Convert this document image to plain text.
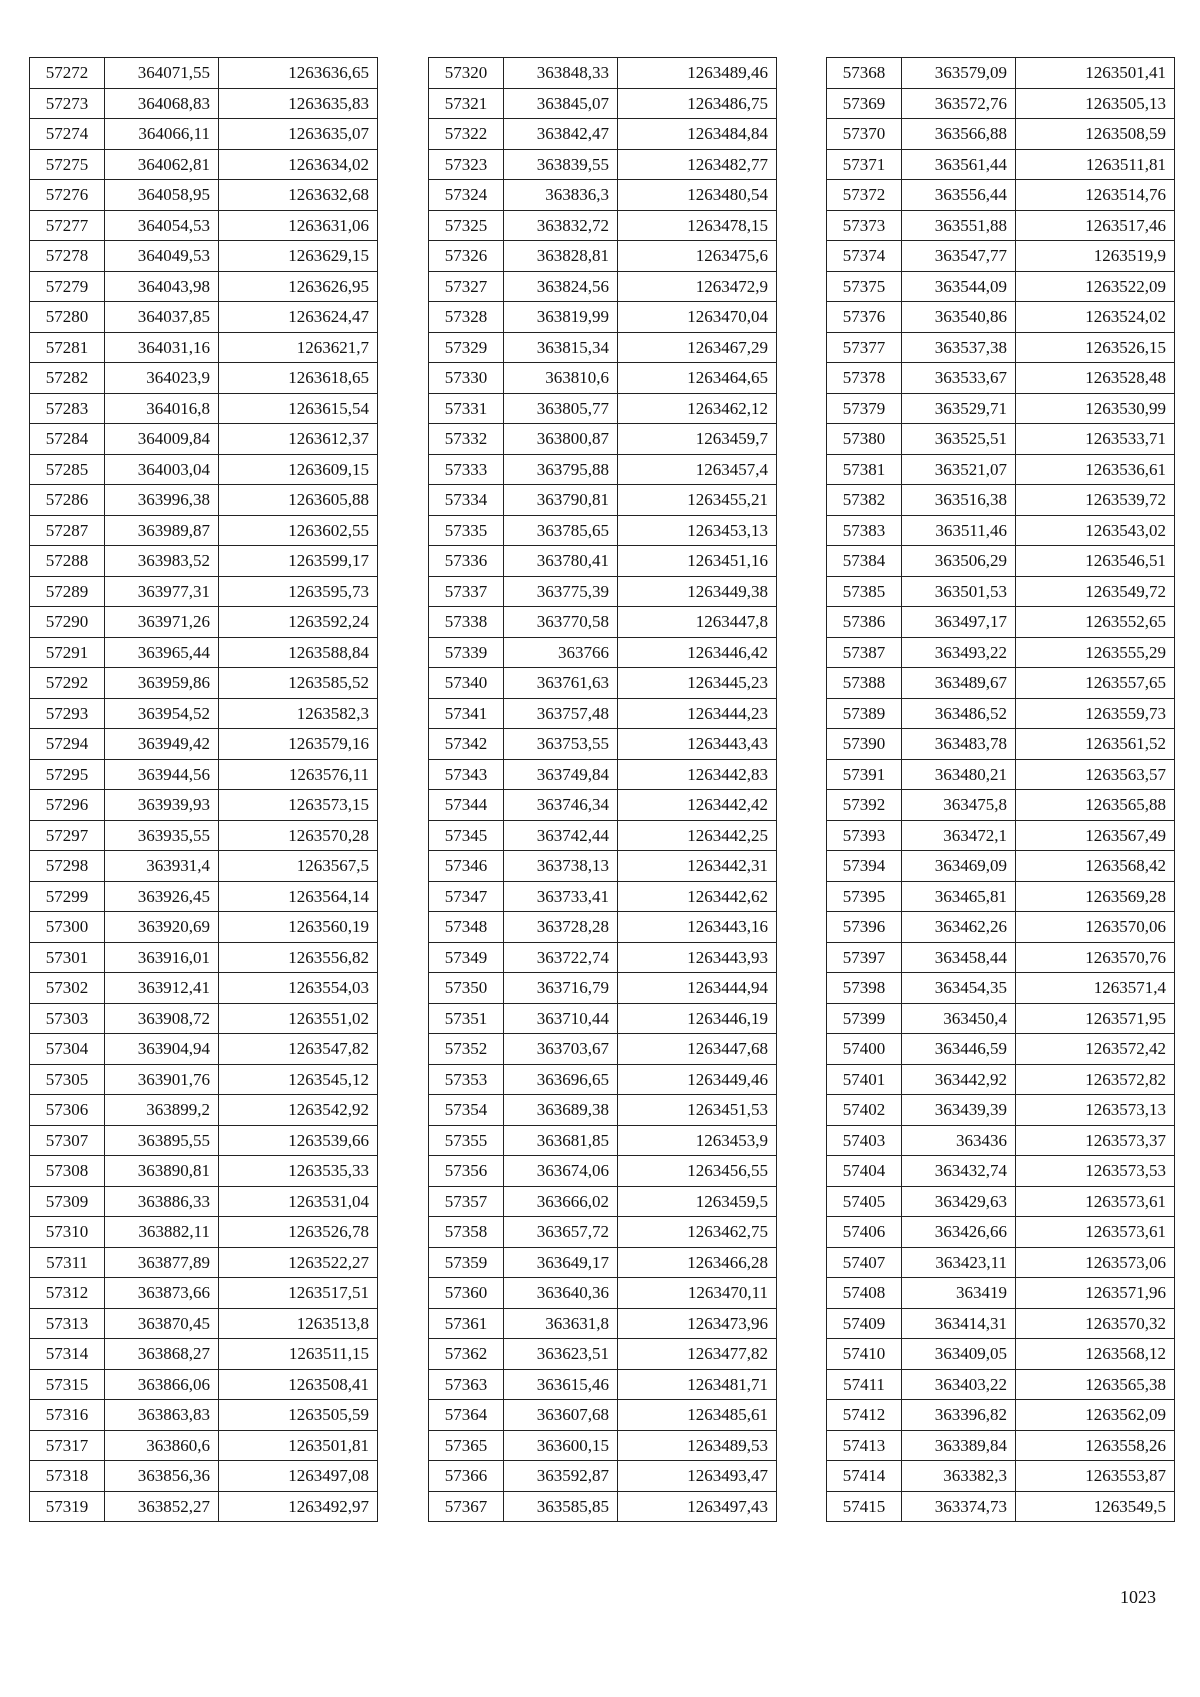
57272	364071,55	1263636,65
57273	364068,83	1263635,83
57274	364066,11	1263635,07
57275	364062,81	1263634,02
57276	364058,95	1263632,68
57277	364054,53	1263631,06
57278	364049,53	1263629,15
57279	364043,98	1263626,95
57280	364037,85	1263624,47
57281	364031,16	1263621,7
57282	364023,9	1263618,65
57283	364016,8	1263615,54
57284	364009,84	1263612,37
57285	364003,04	1263609,15
57286	363996,38	1263605,88
57287	363989,87	1263602,55
57288	363983,52	1263599,17
57289	363977,31	1263595,73
57290	363971,26	1263592,24
57291	363965,44	1263588,84
57292	363959,86	1263585,52
57293	363954,52	1263582,3
57294	363949,42	1263579,16
57295	363944,56	1263576,11
57296	363939,93	1263573,15
57297	363935,55	1263570,28
57298	363931,4	1263567,5
57299	363926,45	1263564,14
57300	363920,69	1263560,19
57301	363916,01	1263556,82
57302	363912,41	1263554,03
57303	363908,72	1263551,02
57304	363904,94	1263547,82
57305	363901,76	1263545,12
57306	363899,2	1263542,92
57307	363895,55	1263539,66
57308	363890,81	1263535,33
57309	363886,33	1263531,04
57310	363882,11	1263526,78
57311	363877,89	1263522,27
57312	363873,66	1263517,51
57313	363870,45	1263513,8
57314	363868,27	1263511,15
57315	363866,06	1263508,41
57316	363863,83	1263505,59
57317	363860,6	1263501,81
57318	363856,36	1263497,08
57319	363852,27	1263492,97
57320	363848,33	1263489,46
57321	363845,07	1263486,75
57322	363842,47	1263484,84
57323	363839,55	1263482,77
57324	363836,3	1263480,54
57325	363832,72	1263478,15
57326	363828,81	1263475,6
57327	363824,56	1263472,9
57328	363819,99	1263470,04
57329	363815,34	1263467,29
57330	363810,6	1263464,65
57331	363805,77	1263462,12
57332	363800,87	1263459,7
57333	363795,88	1263457,4
57334	363790,81	1263455,21
57335	363785,65	1263453,13
57336	363780,41	1263451,16
57337	363775,39	1263449,38
57338	363770,58	1263447,8
57339	363766	1263446,42
57340	363761,63	1263445,23
57341	363757,48	1263444,23
57342	363753,55	1263443,43
57343	363749,84	1263442,83
57344	363746,34	1263442,42
57345	363742,44	1263442,25
57346	363738,13	1263442,31
57347	363733,41	1263442,62
57348	363728,28	1263443,16
57349	363722,74	1263443,93
57350	363716,79	1263444,94
57351	363710,44	1263446,19
57352	363703,67	1263447,68
57353	363696,65	1263449,46
57354	363689,38	1263451,53
57355	363681,85	1263453,9
57356	363674,06	1263456,55
57357	363666,02	1263459,5
57358	363657,72	1263462,75
57359	363649,17	1263466,28
57360	363640,36	1263470,11
57361	363631,8	1263473,96
57362	363623,51	1263477,82
57363	363615,46	1263481,71
57364	363607,68	1263485,61
57365	363600,15	1263489,53
57366	363592,87	1263493,47
57367	363585,85	1263497,43
57368	363579,09	1263501,41
57369	363572,76	1263505,13
57370	363566,88	1263508,59
57371	363561,44	1263511,81
57372	363556,44	1263514,76
57373	363551,88	1263517,46
57374	363547,77	1263519,9
57375	363544,09	1263522,09
57376	363540,86	1263524,02
57377	363537,38	1263526,15
57378	363533,67	1263528,48
57379	363529,71	1263530,99
57380	363525,51	1263533,71
57381	363521,07	1263536,61
57382	363516,38	1263539,72
57383	363511,46	1263543,02
57384	363506,29	1263546,51
57385	363501,53	1263549,72
57386	363497,17	1263552,65
57387	363493,22	1263555,29
57388	363489,67	1263557,65
57389	363486,52	1263559,73
57390	363483,78	1263561,52
57391	363480,21	1263563,57
57392	363475,8	1263565,88
57393	363472,1	1263567,49
57394	363469,09	1263568,42
57395	363465,81	1263569,28
57396	363462,26	1263570,06
57397	363458,44	1263570,76
57398	363454,35	1263571,4
57399	363450,4	1263571,95
57400	363446,59	1263572,42
57401	363442,92	1263572,82
57402	363439,39	1263573,13
57403	363436	1263573,37
57404	363432,74	1263573,53
57405	363429,63	1263573,61
57406	363426,66	1263573,61
57407	363423,11	1263573,06
57408	363419	1263571,96
57409	363414,31	1263570,32
57410	363409,05	1263568,12
57411	363403,22	1263565,38
57412	363396,82	1263562,09
57413	363389,84	1263558,26
57414	363382,3	1263553,87
57415	363374,73	1263549,5
1023
